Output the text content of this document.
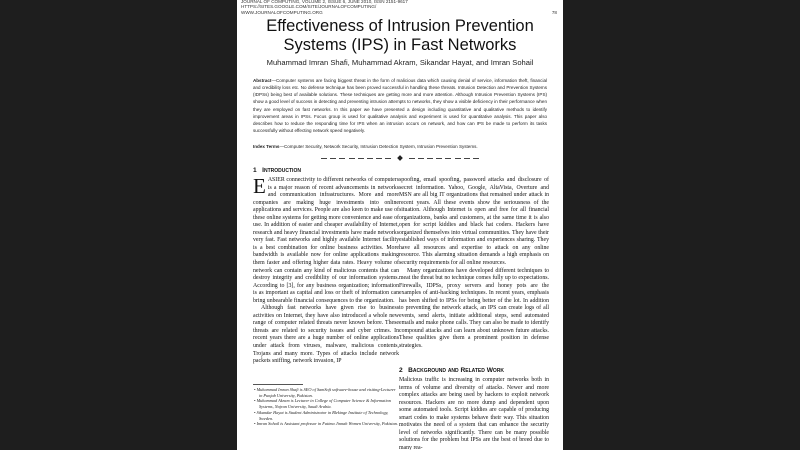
JOURNAL OF COMPUTING, VOLUME 2, ISSUE 6, JUNE 2010, ISSN 2151-9617
HTTPS://SITES.GOOGLE.COM/SITE/JOURNALOFCOMPUTING/
WWW.JOURNALOFCOMPUTING.ORG	78
Effectiveness of Intrusion Prevention Systems (IPS) in Fast Networks
Muhammad Imran Shafi, Muhammad Akram, Sikandar Hayat, and Imran Sohail
Abstract—Computer systems are facing biggest threat in the form of malicious data which causing denial of service, information theft, financial and credibility loss etc. No defense technique has been proved successful in handling these threats. Intrusion Detection and Prevention Systems (IDPSs) being best of available solutions. These techniques are getting more and more attention. Although Intrusion Prevention Systems (IPS) show a good level of success in detecting and preventing intrusion attempts to networks, they show a visible deficiency in their performance when they are employed on fast networks. In this paper we have presented a design including quantitative and qualitative methods to identify improvement areas in IPSs. Focus group is used for qualitative analysis and experiment is used for quantitative analysis. This paper also describes how to reduce the responding time for IPS when an intrusion occurs on network, and how can IPS be made to perform its tasks successfully without effecting network speed negatively.
Index Terms—Computer Security, Network Security, Intrusion Detection System, Intrusion Prevention Systems.
1 Introduction

EASIER connectivity to different networks of computers is a major reason of recent advancements in networks and communication infrastructures. More and more companies are making huge investments into online applications and services. People are also keen to make use of these online systems for getting more convenience and ease of use. In addition of easier and cheaper availability of Internet, research and heavy financial investments have made networks very fast. Fast networks and highly available Internet facility is a best combination for online business activities. More bandwidth is available now for online applications making them faster and offering higher data rates. Heavy volume of network can contain any kind of malicious contents that can destroy integrity and credibility of our information systems. According to [3], for any business organization; information is as important as capital and loss or theft of information can bring unbearable financial consequences to the organization.

Although fast networks have given rise to business activities on Internet, they have also introduced a whole new range of computer related threats never known before. These threats are related to security issues and cyber crimes. In recent years there are a huge number of online applications under attack from viruses, malware, malicious contents, Trojans and many more. Types of attacks include network packets sniffing, network invasion, IP

• Muhammad Imran Shafi is SEO of SamSoft software-house and visiting-Lecturer in Punjab University, Pakistan.
• Muhammad Akram is Lecturer in College of Computer Science & Information Systems, Najran University, Saudi Arabia.
• Sikandar Hayat is Student Administrator in Blekinge Institute of Technology, Sweden.
• Imran Sohail is Assistant professor in Fatima Jinnah Women University, Pakistan.

spoofing, email spoofing, password attacks and disclosure of secret information. Yahoo, Google, AltaVista, Overture and MSN are all big IT organizations that remained under attack in recent years. All these events show the seriousness of the situation. Although Internet is open and free for all financial organizations, banks and customers, at the same time it is also open for script kiddies and black hat coders. Hackers have organized themselves into virtual communities. They have their established ways of information and experiences sharing. They have all resources and expertise to attack on any online resource. This alarming situation demands a high emphasis on security requirements for all online resources.

Many organizations have developed different techniques to meat the threat but no technique comes fully up to expectations. Firewalls, IDPSs, proxy servers and honey pots are the examples of anti-hacking techniques. In recent years, emphasis has been shifted to IPSs for being better of the lot. In addition to preventing the network attack, an IPS can create logs of all events, send alerts, initiate additional steps, send automated emails and make phone calls. They can also be made to identify compound attacks and can learn about unknown future attacks. These qualities give them a prominent position in defense strategies.

2 Background and Related Work

Malicious traffic is increasing in computer networks both in terms of volume and diversity of attacks. Newer and more complex attacks are being used by hackers to exploit network resources. Hackers are no more dump and dependent upon some automated tools. Script kiddies are capable of producing smart codes to make systems behave their way. This situation motivates the need of a system that can enhance the security level of networks significantly. There can be many possible solutions for the problem but IPSs are the best of breed due to many rea-
